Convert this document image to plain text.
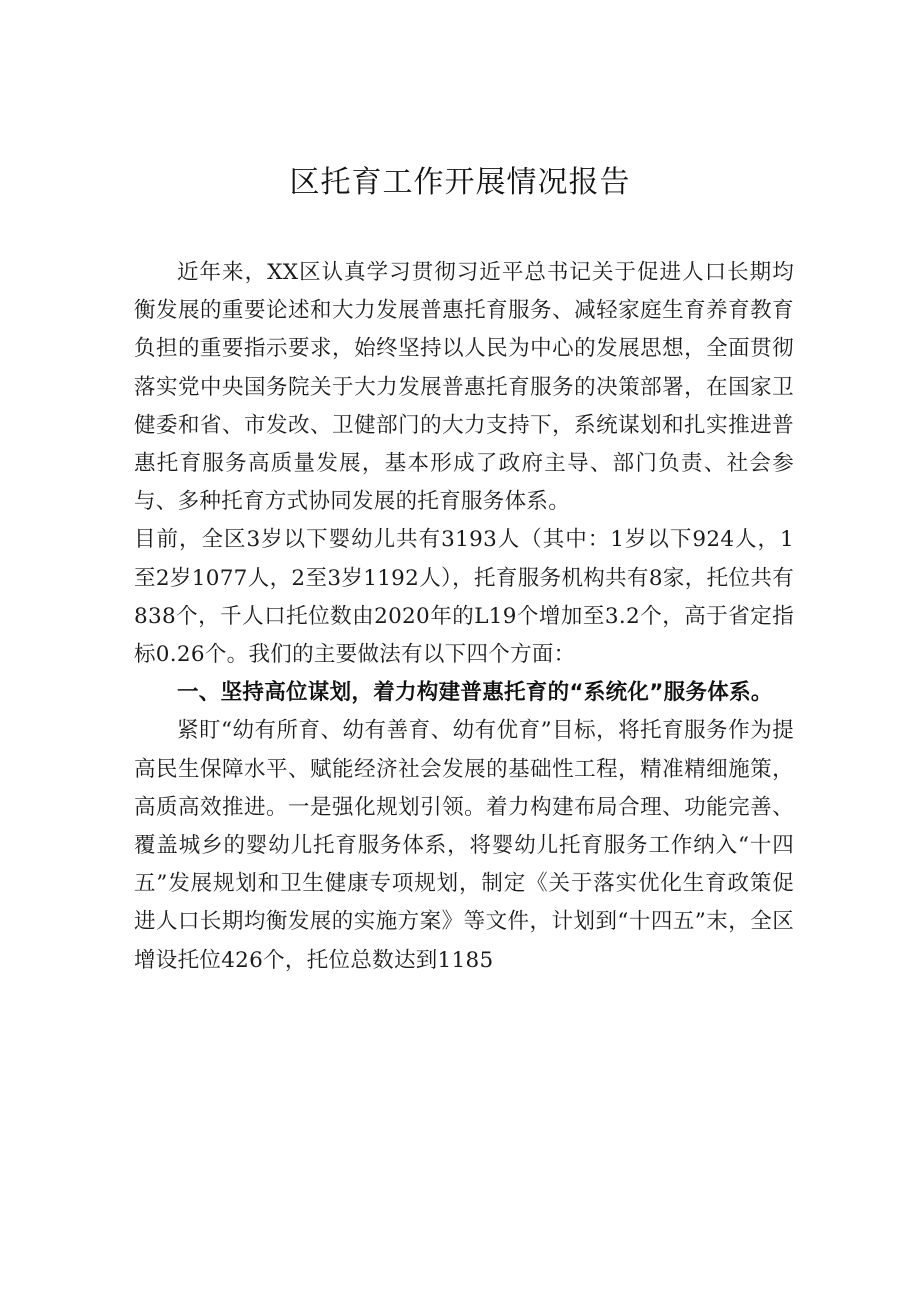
区托育工作开展情况报告

近年来，XX区认真学习贯彻习近平总书记关于促进人口长期均衡发展的重要论述和大力发展普惠托育服务、减轻家庭生育养育教育负担的重要指示要求，始终坚持以人民为中心的发展思想，全面贯彻落实党中央国务院关于大力发展普惠托育服务的决策部署，在国家卫健委和省、市发改、卫健部门的大力支持下，系统谋划和扎实推进普惠托育服务高质量发展，基本形成了政府主导、部门负责、社会参与、多种托育方式协同发展的托育服务体系。

目前，全区3岁以下婴幼儿共有3193人（其中：1岁以下924人，1至2岁1077人，2至3岁1192人），托育服务机构共有8家，托位共有838个，千人口托位数由2020年的L19个增加至3.2个，高于省定指标0.26个。我们的主要做法有以下四个方面：

一、坚持高位谋划，着力构建普惠托育的“系统化”服务体系。

紧盯“幼有所育、幼有善育、幼有优育”目标，将托育服务作为提高民生保障水平、赋能经济社会发展的基础性工程，精准精细施策，高质高效推进。一是强化规划引领。着力构建布局合理、功能完善、覆盖城乡的婴幼儿托育服务体系，将婴幼儿托育服务工作纳入“十四五”发展规划和卫生健康专项规划，制定《关于落实优化生育政策促进人口长期均衡发展的实施方案》等文件，计划到“十四五”末，全区增设托位426个，托位总数达到1185
